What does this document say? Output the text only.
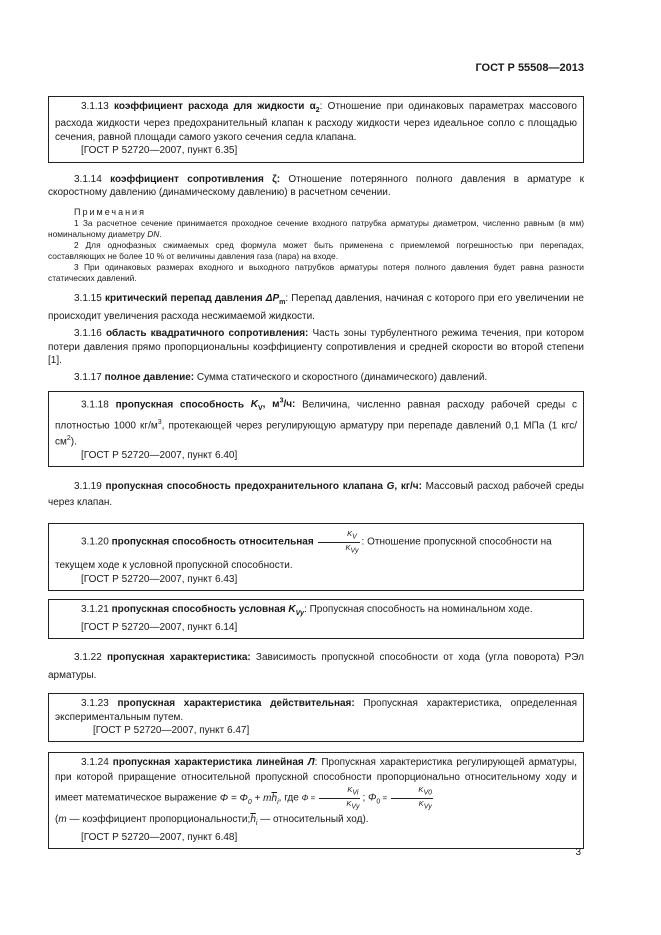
ГОСТ Р 55508—2013

3.1.13 коэффициент расхода для жидкости $\alpha_2$: Отношение при одинаковых параметрах массового расхода жидкости через предохранительный клапан к расходу жидкости через идеальное сопло с площадью сечения, равной площади самого узкого сечения седла клапана.

[ГОСТ Р 52720—2007, пункт 6.35]

3.1.14 коэффициент сопротивления ζ: Отношение потерянного полного давления в арматуре к скоростному давлению (динамическому давлению) в расчетном сечении.

Примечания

1 За расчетное сечение принимается проходное сечение входного патрубка арматуры диаметром, численно равным (в мм) номинальному диаметру DN.

2 Для однофазных сжимаемых сред формула может быть применена с приемлемой погрешностью при перепадах, составляющих не более 10 % от величины давления газа (пара) на входе.

3 При одинаковых размерах входного и выходного патрубков арматуры потеря полного давления будет равна разности статических давлений.

3.1.15 критический перепад давления $\Delta P_m$: Перепад давления, начиная с которого при его увеличении не происходит увеличения расхода несжимаемой жидкости.

3.1.16 область квадратичного сопротивления: Часть зоны турбулентного режима течения, при котором потери давления прямо пропорциональны коэффициенту сопротивления и средней скорости во второй степени [1].

3.1.17 полное давление: Сумма статического и скоростного (динамического) давлений.

3.1.18 пропускная способность $K_V$, $м^3/ч$: Величина, численно равная расходу рабочей среды с плотностью 1000 $кг/м^3$, протекающей через регулирующую арматуру при перепаде давлений 0,1 МПа (1 кгс/$см^2$).

[ГОСТ Р 52720—2007, пункт 6.40]

3.1.19 пропускная способность предохранительного клапана G, кг/ч: Массовый расход рабочей среды через клапан.

3.1.20 пропускная способность относительная $\frac{K_V}{K_{Vy}}$ : Отношение пропускной способности на

текущем ходе к условной пропускной способности.

[ГОСТ Р 52720—2007, пункт 6.43]

3.1.21 пропускная способность условная $K_{Vy}$: Пропускная способность на номинальном ходе.

[ГОСТ Р 52720—2007, пункт 6.14]

3.1.22 пропускная характеристика: Зависимость пропускной способности от хода (угла поворота) РЭл арматуры.

3.1.23 пропускная характеристика действительная: Пропускная характеристика, определенная экспериментальным путем.

[ГОСТ Р 52720—2007, пункт 6.47]

3.1.24 пропускная характеристика линейная Л: Пропускная характеристика регулирующей арматуры, при которой приращение относительной пропускной способности пропорционально относительному ходу и имеет математическое выражение $\Phi = \Phi_0 + m\overline{h}_i$, где $\Phi = \frac{K_{Vi}}{K_{Vy}}$ ; $\Phi_0 = \frac{K_{V0}}{K_{Vy}}$

(m — коэффициент $пропорциональности;\overline{h}_i$ — относительный ход).

[ГОСТ Р 52720—2007, пункт 6.48]

3
